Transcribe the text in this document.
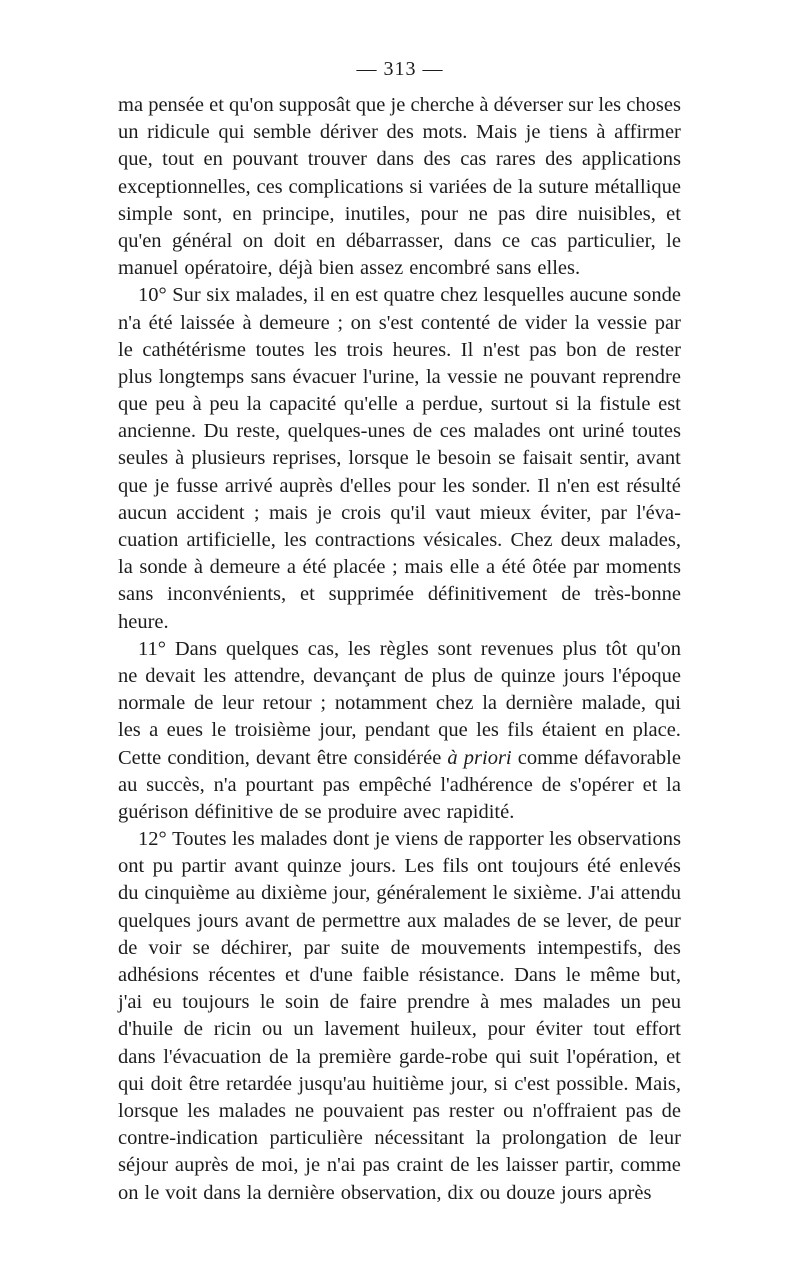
— 313 —
ma pensée et qu'on supposât que je cherche à déverser sur les choses
un ridicule qui semble dériver des mots. Mais je tiens à affirmer
que, tout en pouvant trouver dans des cas rares des applications
exceptionnelles, ces complications si variées de la suture métallique
simple sont, en principe, inutiles, pour ne pas dire nuisibles, et
qu'en général on doit en débarrasser, dans ce cas particulier, le
manuel opératoire, déjà bien assez encombré sans elles.
10° Sur six malades, il en est quatre chez lesquelles aucune sonde
n'a été laissée à demeure ; on s'est contenté de vider la vessie par
le cathétérisme toutes les trois heures. Il n'est pas bon de rester
plus longtemps sans évacuer l'urine, la vessie ne pouvant reprendre
que peu à peu la capacité qu'elle a perdue, surtout si la fistule est
ancienne. Du reste, quelques-unes de ces malades ont uriné toutes
seules à plusieurs reprises, lorsque le besoin se faisait sentir, avant
que je fusse arrivé auprès d'elles pour les sonder. Il n'en est résulté
aucun accident ; mais je crois qu'il vaut mieux éviter, par l'éva-
cuation artificielle, les contractions vésicales. Chez deux malades,
la sonde à demeure a été placée ; mais elle a été ôtée par moments
sans inconvénients, et supprimée définitivement de très-bonne
heure.
11° Dans quelques cas, les règles sont revenues plus tôt qu'on
ne devait les attendre, devançant de plus de quinze jours l'époque
normale de leur retour ; notamment chez la dernière malade, qui
les a eues le troisième jour, pendant que les fils étaient en place.
Cette condition, devant être considérée à priori comme défavorable
au succès, n'a pourtant pas empêché l'adhérence de s'opérer et la
guérison définitive de se produire avec rapidité.
12° Toutes les malades dont je viens de rapporter les observations
ont pu partir avant quinze jours. Les fils ont toujours été enlevés
du cinquième au dixième jour, généralement le sixième. J'ai attendu
quelques jours avant de permettre aux malades de se lever, de peur
de voir se déchirer, par suite de mouvements intempestifs, des
adhésions récentes et d'une faible résistance. Dans le même but,
j'ai eu toujours le soin de faire prendre à mes malades un peu
d'huile de ricin ou un lavement huileux, pour éviter tout effort
dans l'évacuation de la première garde-robe qui suit l'opération, et
qui doit être retardée jusqu'au huitième jour, si c'est possible. Mais,
lorsque les malades ne pouvaient pas rester ou n'offraient pas de
contre-indication particulière nécessitant la prolongation de leur
séjour auprès de moi, je n'ai pas craint de les laisser partir, comme
on le voit dans la dernière observation, dix ou douze jours après
